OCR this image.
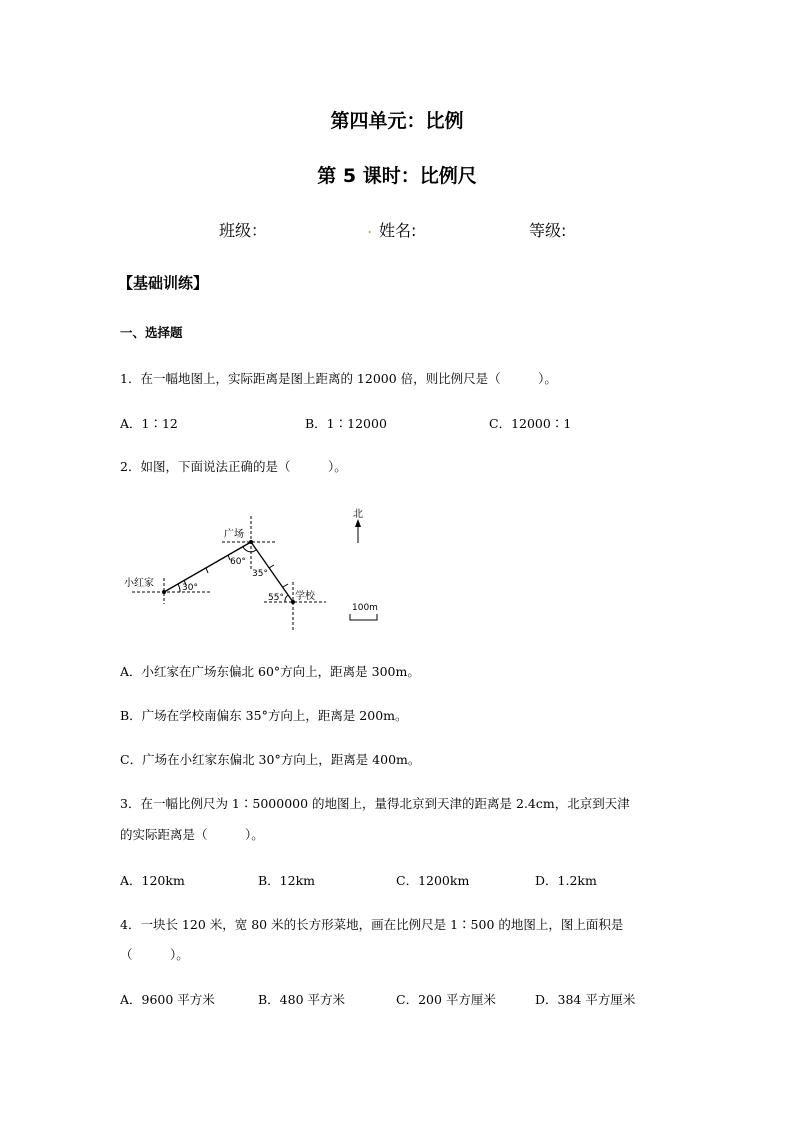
第四单元：比例
第 5 课时：比例尺
班级：	. 姓名:	等级:
【基础训练】
一、选择题
1．在一幅地图上，实际距离是图上距离的 12000 倍，则比例尺是（　　　）。
A．1∶12	B．1∶12000	C．12000∶1
2．如图，下面说法正确的是（　　　）。
小红家
广场
学校
30°
60°
35°
55°
北
100m
A．小红家在广场东偏北 60°方向上，距离是 300m。
B．广场在学校南偏东 35°方向上，距离是 200m。
C．广场在小红家东偏北 30°方向上，距离是 400m。
3．在一幅比例尺为 1∶5000000 的地图上，量得北京到天津的距离是 2.4cm，北京到天津
的实际距离是（　　　）。
A．120km	B．12km	C．1200km	D．1.2km
4．一块长 120 米，宽 80 米的长方形菜地，画在比例尺是 1∶500 的地图上，图上面积是
（　　　）。
A．9600 平方米	B．480 平方米	C．200 平方厘米	D．384 平方厘米
